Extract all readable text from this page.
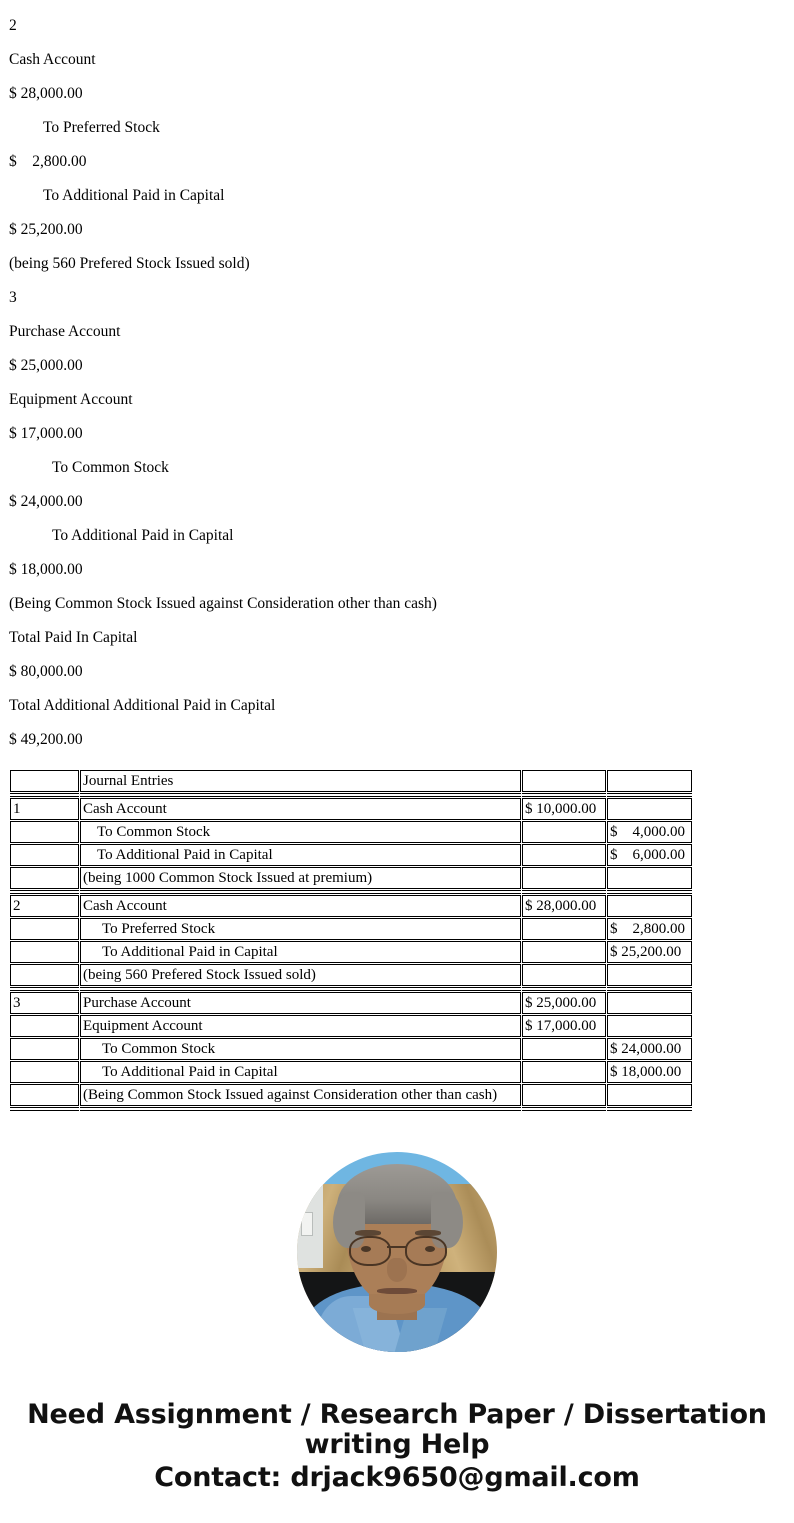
2

Cash Account

$ 28,000.00

To Preferred Stock

$    2,800.00

To Additional Paid in Capital

$ 25,200.00

(being 560 Prefered Stock Issued sold)

3

Purchase Account

$ 25,000.00

Equipment Account

$ 17,000.00

To Common Stock

$ 24,000.00

To Additional Paid in Capital

$ 18,000.00

(Being Common Stock Issued against Consideration other than cash)

Total Paid In Capital

$ 80,000.00

Total Additional Additional Paid in Capital

$ 49,200.00

	Journal Entries		

1	Cash Account	$ 10,000.00	
	To Common Stock		$    4,000.00
	To Additional Paid in Capital		$    6,000.00
	(being 1000 Common Stock Issued at premium)		

2	Cash Account	$ 28,000.00	
	To Preferred Stock		$    2,800.00
	To Additional Paid in Capital		$ 25,200.00
	(being 560 Prefered Stock Issued sold)		

3	Purchase Account	$ 25,000.00	
	Equipment Account	$ 17,000.00	
	To Common Stock		$ 24,000.00
	To Additional Paid in Capital		$ 18,000.00
	(Being Common Stock Issued against Consideration other than cash)		

Need Assignment / Research Paper / Dissertation writing Help
Contact: drjack9650@gmail.com
